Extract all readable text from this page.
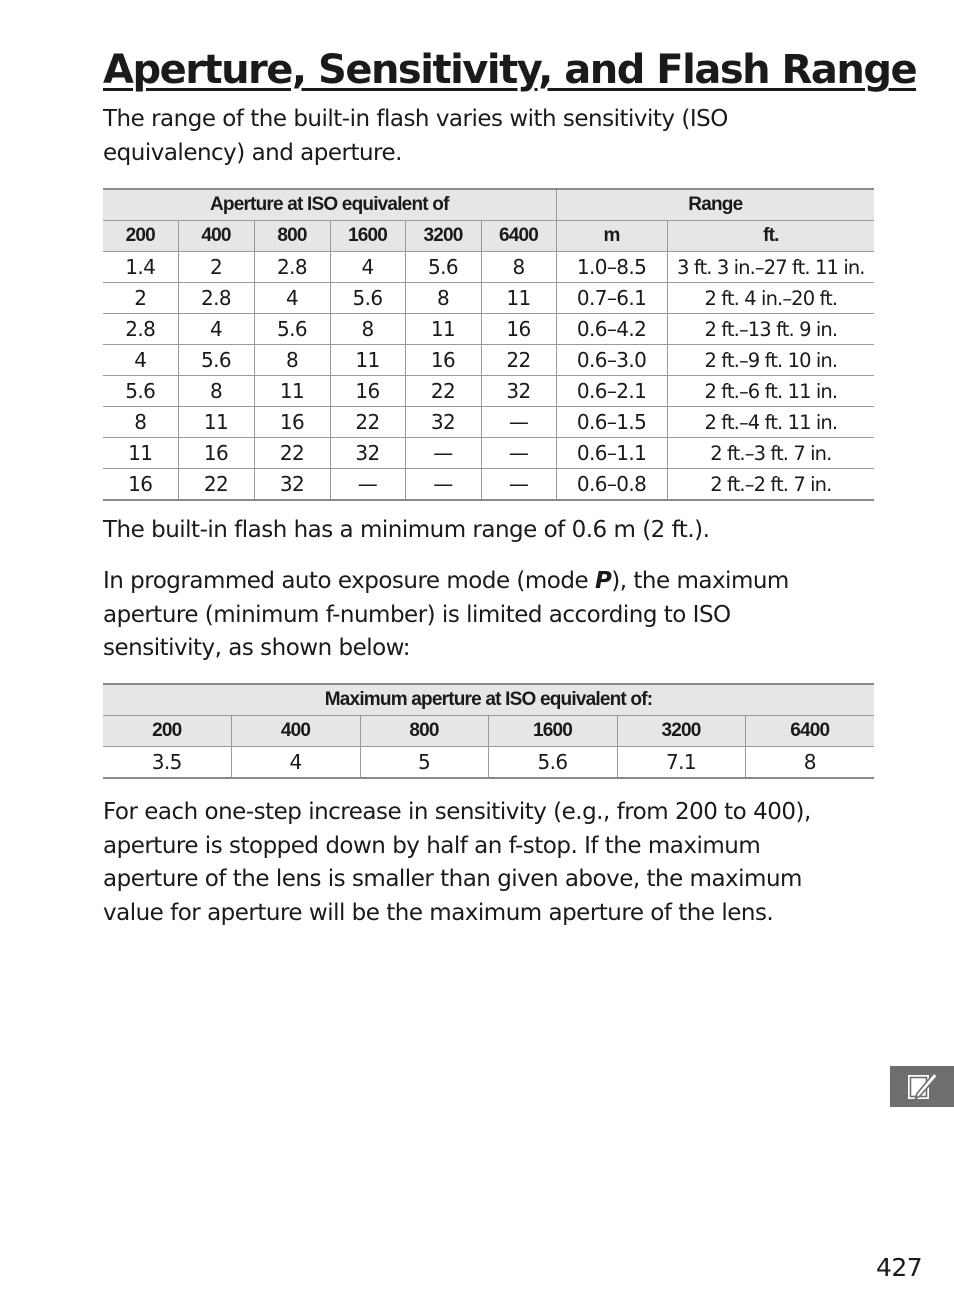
Aperture, Sensitivity, and Flash Range

The range of the built-in flash varies with sensitivity (ISO
equivalency) and aperture.

Aperture at ISO equivalent of						Range	
200	400	800	1600	3200	6400	m	ft.
1.4	2	2.8	4	5.6	8	1.0–8.5	3 ft. 3 in.–27 ft. 11 in.
2	2.8	4	5.6	8	11	0.7–6.1	2 ft. 4 in.–20 ft.
2.8	4	5.6	8	11	16	0.6–4.2	2 ft.–13 ft. 9 in.
4	5.6	8	11	16	22	0.6–3.0	2 ft.–9 ft. 10 in.
5.6	8	11	16	22	32	0.6–2.1	2 ft.–6 ft. 11 in.
8	11	16	22	32	—	0.6–1.5	2 ft.–4 ft. 11 in.
11	16	22	32	—	—	0.6–1.1	2 ft.–3 ft. 7 in.
16	22	32	—	—	—	0.6–0.8	2 ft.–2 ft. 7 in.

The built-in flash has a minimum range of 0.6 m (2 ft.).

In programmed auto exposure mode (mode P), the maximum
aperture (minimum f-number) is limited according to ISO
sensitivity, as shown below:

Maximum aperture at ISO equivalent of:					
200	400	800	1600	3200	6400
3.5	4	5	5.6	7.1	8

For each one-step increase in sensitivity (e.g., from 200 to 400),
aperture is stopped down by half an f-stop. If the maximum
aperture of the lens is smaller than given above, the maximum
value for aperture will be the maximum aperture of the lens.

427
